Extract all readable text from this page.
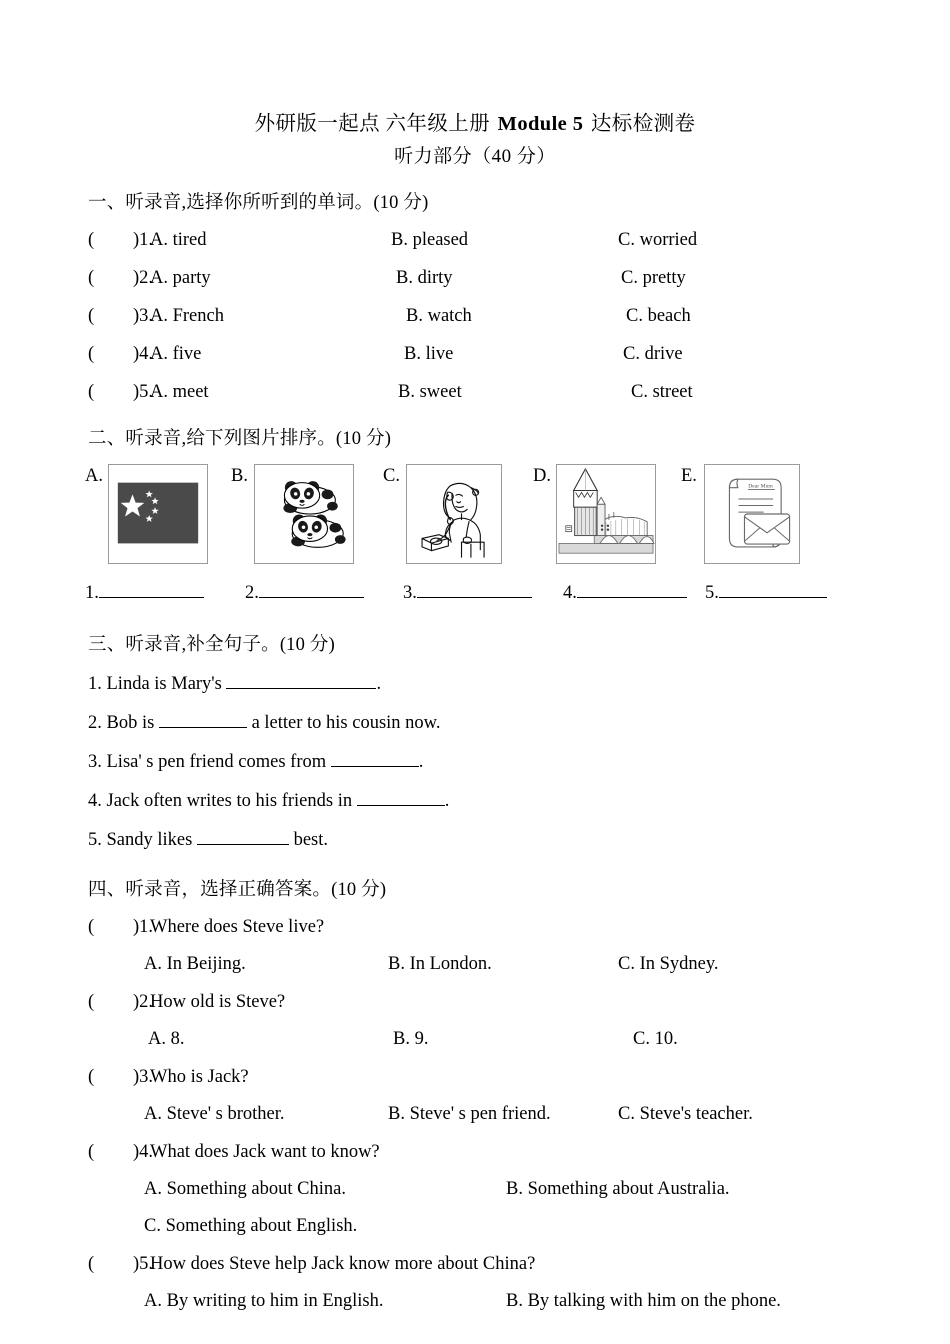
外研版一起点 六年级上册 Module 5 达标检测卷
听力部分（40 分）
一、听录音,选择你所听到的单词。(10 分)
( )1.
A. tired	B. pleased	C. worried
( )2.
A. party	B. dirty	C. pretty
( )3.
A. French	B. watch	C. beach
( )4.
A. five	B. live	C. drive
( )5.
A. meet	B. sweet	C. street
二、听录音,给下列图片排序。(10 分)
A.	B.	C.	D.	E.
Dear Mum
1.	2.	3.	4.	5.
三、听录音,补全句子。(10 分)
1. Linda is Mary's	.
2. Bob is	a letter to his cousin now.
3. Lisa' s pen friend comes from	.
4. Jack often writes to his friends in	.
5. Sandy likes	best.
四、听录音，选择正确答案。(10 分)
( )1.
Where does Steve live?
A. In Beijing.	B. In London.	C. In Sydney.
( )2.
How old is Steve?
A. 8.	B. 9.	C. 10.
( )3.
Who is Jack?
A. Steve' s brother.	B. Steve' s pen friend.	C. Steve's teacher.
( )4.
What does Jack want to know?
A. Something about China.	B. Something about Australia.
C. Something about English.
( )5.
How does Steve help Jack know more about China?
A. By writing to him in English.	B. By talking with him on the phone.
